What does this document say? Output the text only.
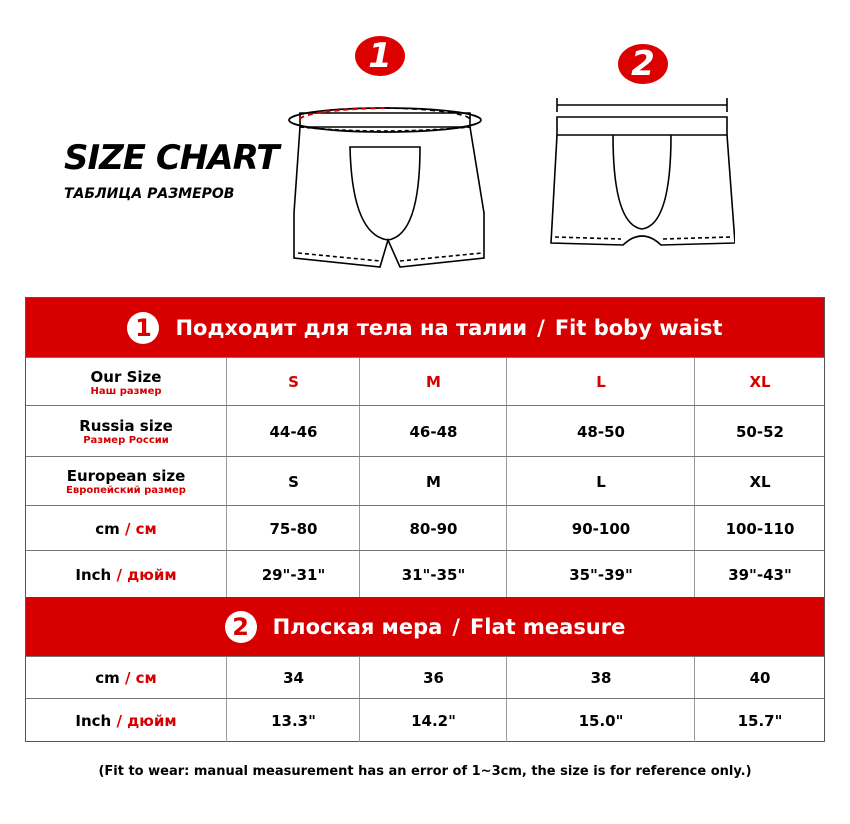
SIZE CHART
ТАБЛИЦА РАЗМЕРОВ
1	2
1	Подходит для тела на талии / Fit boby waist
Our Size
Наш размер	S	M	L	XL
Russia size
Размер России	44-46	46-48	48-50	50-52
European size
Европейский размер	S	M	L	XL
cm / см	75-80	80-90	90-100	100-110
Inch / дюйм	29"-31"	31"-35"	35"-39"	39"-43"
2	Плоская мера / Flat measure
cm / см	34	36	38	40
Inch / дюйм	13.3"	14.2"	15.0"	15.7"
(Fit to wear: manual measurement has an error of 1~3cm, the size is for reference only.)
